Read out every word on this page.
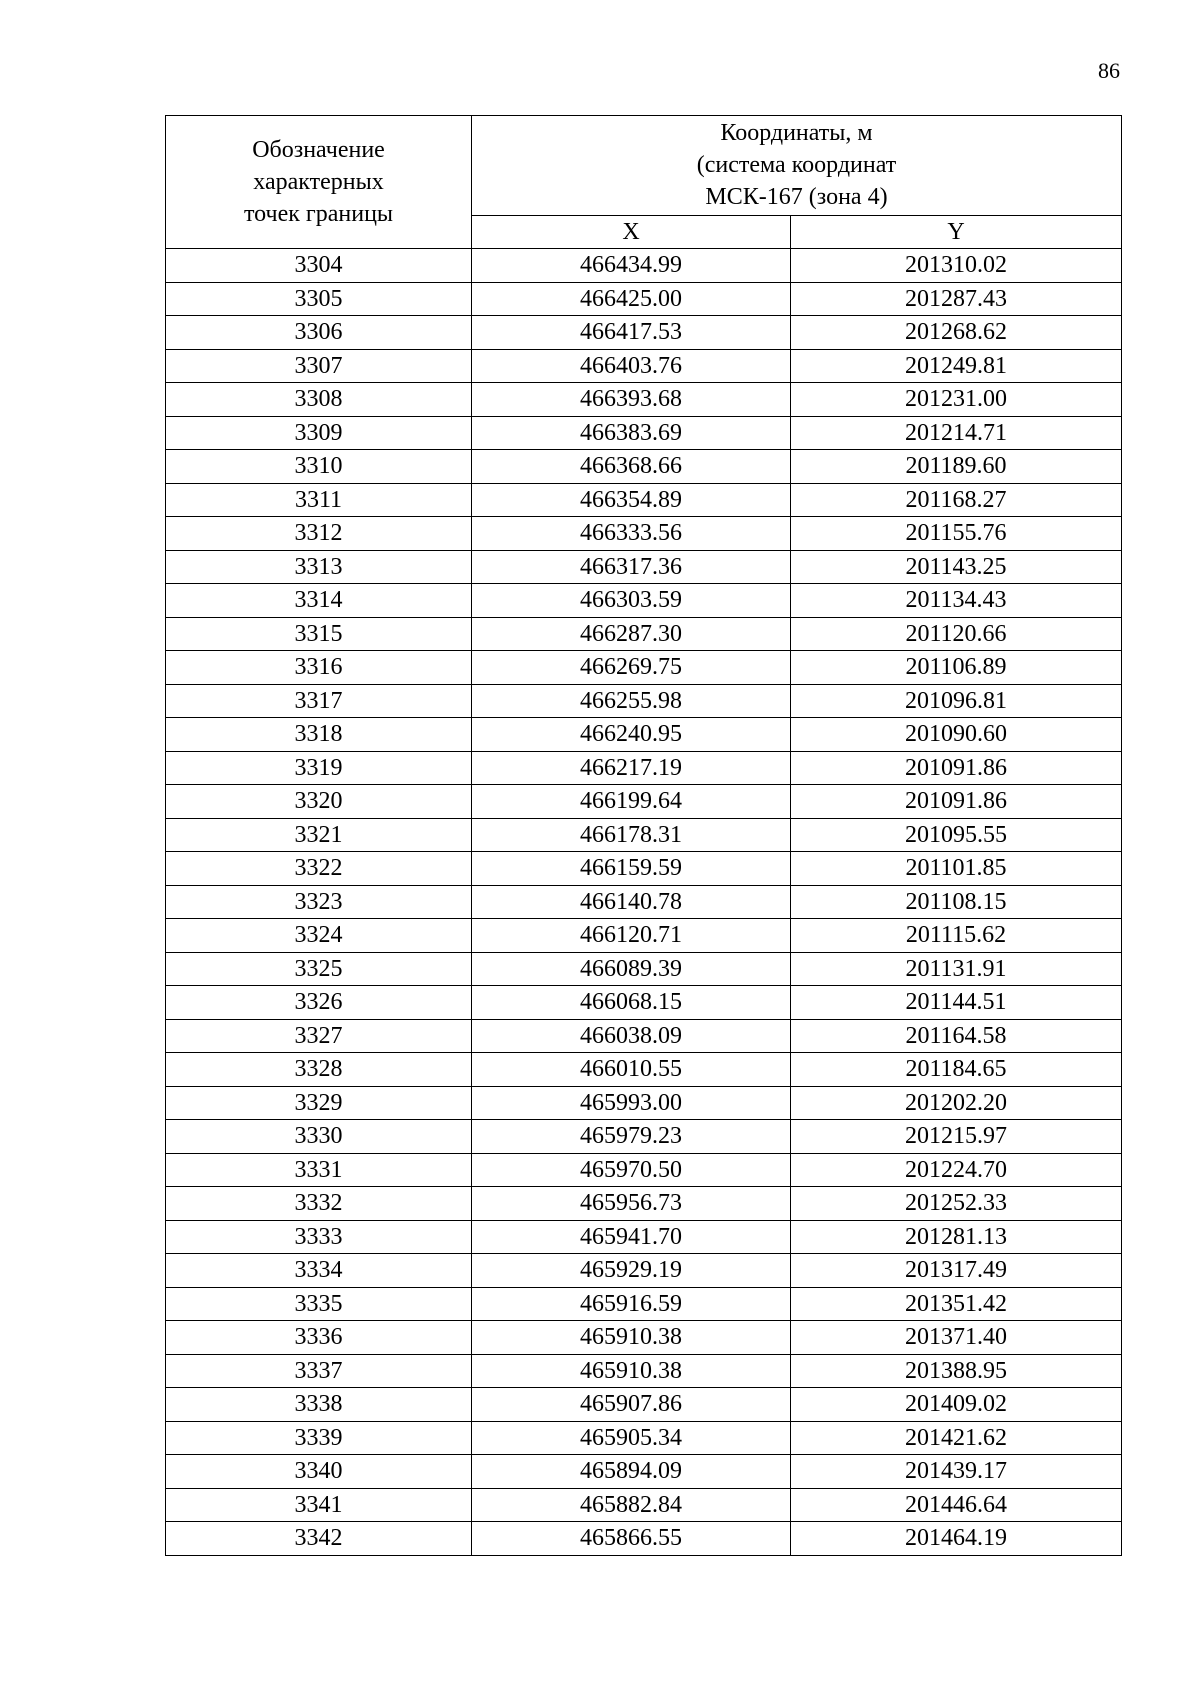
86
Обозначение
характерных
точек границы	Координаты, м
(система координат
МСК-167 (зона 4)	
	X	Y
3304	466434.99	201310.02
3305	466425.00	201287.43
3306	466417.53	201268.62
3307	466403.76	201249.81
3308	466393.68	201231.00
3309	466383.69	201214.71
3310	466368.66	201189.60
3311	466354.89	201168.27
3312	466333.56	201155.76
3313	466317.36	201143.25
3314	466303.59	201134.43
3315	466287.30	201120.66
3316	466269.75	201106.89
3317	466255.98	201096.81
3318	466240.95	201090.60
3319	466217.19	201091.86
3320	466199.64	201091.86
3321	466178.31	201095.55
3322	466159.59	201101.85
3323	466140.78	201108.15
3324	466120.71	201115.62
3325	466089.39	201131.91
3326	466068.15	201144.51
3327	466038.09	201164.58
3328	466010.55	201184.65
3329	465993.00	201202.20
3330	465979.23	201215.97
3331	465970.50	201224.70
3332	465956.73	201252.33
3333	465941.70	201281.13
3334	465929.19	201317.49
3335	465916.59	201351.42
3336	465910.38	201371.40
3337	465910.38	201388.95
3338	465907.86	201409.02
3339	465905.34	201421.62
3340	465894.09	201439.17
3341	465882.84	201446.64
3342	465866.55	201464.19
